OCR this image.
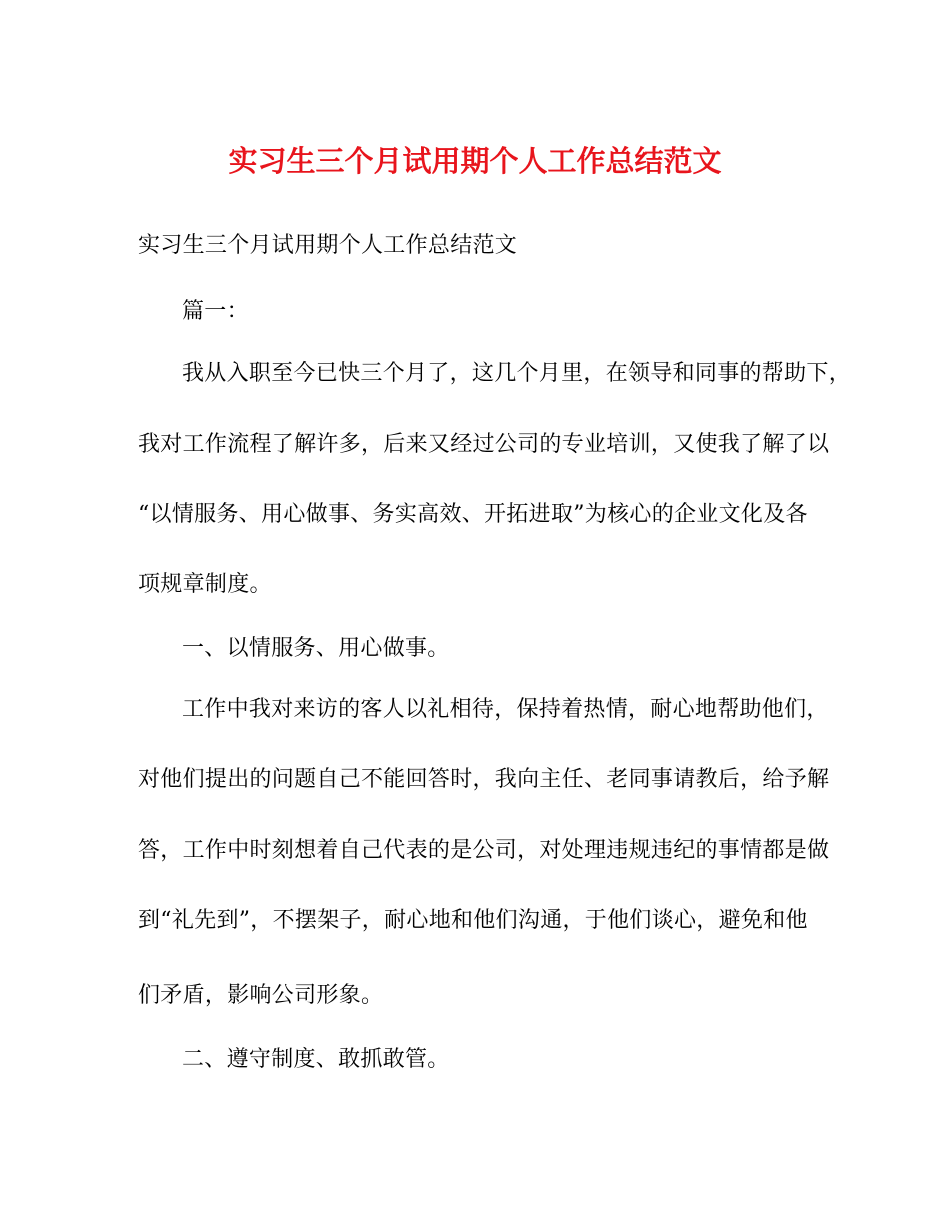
实习生三个月试用期个人工作总结范文
实习生三个月试用期个人工作总结范文
篇一：
我从入职至今已快三个月了，这几个月里，在领导和同事的帮助下，
我对工作流程了解许多，后来又经过公司的专业培训，又使我了解了以
“以情服务、用心做事、务实高效、开拓进取”为核心的企业文化及各
项规章制度。
一、以情服务、用心做事。
工作中我对来访的客人以礼相待，保持着热情，耐心地帮助他们，
对他们提出的问题自己不能回答时，我向主任、老同事请教后，给予解
答，工作中时刻想着自己代表的是公司，对处理违规违纪的事情都是做
到“礼先到”，不摆架子，耐心地和他们沟通，于他们谈心，避免和他
们矛盾，影响公司形象。
二、遵守制度、敢抓敢管。
